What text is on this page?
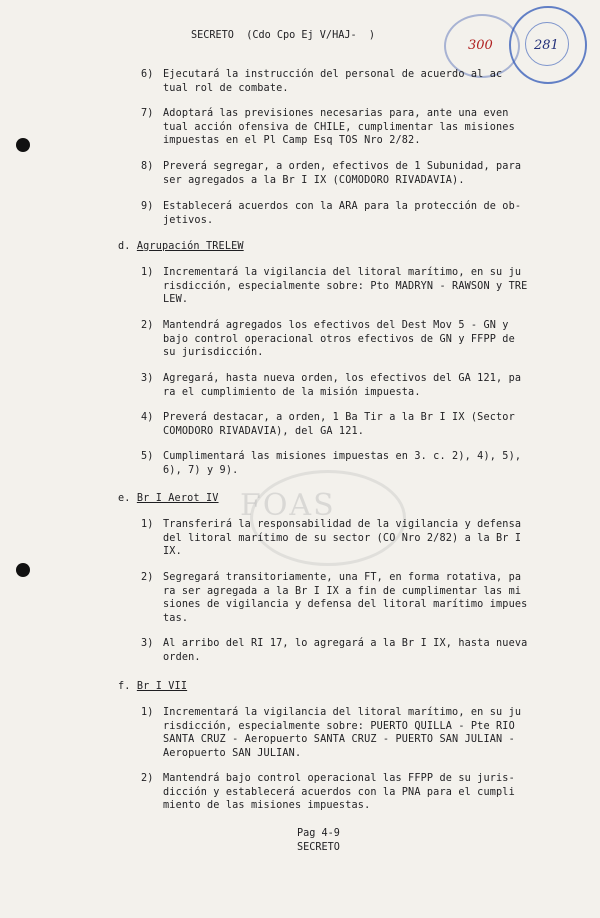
300	281
FOAS
SECRETO  (Cdo Cpo Ej V/HAJ-  )
6) Ejecutará la instrucción del personal de acuerdo al ac
tual rol de combate.
7) Adoptará las previsiones necesarias para, ante una even
tual acción ofensiva de CHILE, cumplimentar las misiones
impuestas en el Pl Camp Esq TOS Nro 2/82.
8) Preverá segregar, a orden, efectivos de 1 Subunidad, para
ser agregados a la Br I IX (COMODORO RIVADAVIA).
9) Establecerá acuerdos con la ARA para la protección de ob-
jetivos.
d. Agrupación TRELEW
1) Incrementará la vigilancia del litoral marítimo, en su ju
risdicción, especialmente sobre: Pto MADRYN - RAWSON y TRE
LEW.
2) Mantendrá agregados los efectivos del Dest Mov 5 - GN y
bajo control operacional otros efectivos de GN y FFPP de
su jurisdicción.
3) Agregará, hasta nueva orden, los efectivos del GA 121, pa
ra el cumplimiento de la misión impuesta.
4) Preverá destacar, a orden, 1 Ba Tir a la Br I IX (Sector
COMODORO RIVADAVIA), del GA 121.
5) Cumplimentará las misiones impuestas en 3. c. 2), 4), 5),
6), 7) y 9).
e. Br I Aerot IV
1) Transferirá la responsabilidad de la vigilancia y defensa
del litoral marítimo de su sector (CO Nro 2/82) a la Br I
IX.
2) Segregará transitoriamente, una FT, en forma rotativa, pa
ra ser agregada a la Br I IX a fin de cumplimentar las mi
siones de vigilancia y defensa del litoral marítimo impues
tas.
3) Al arribo del RI 17, lo agregará a la Br I IX, hasta nueva
orden.
f. Br I VII
1) Incrementará la vigilancia del litoral marítimo, en su ju
risdicción, especialmente sobre: PUERTO QUILLA - Pte RIO
SANTA CRUZ - Aeropuerto SANTA CRUZ - PUERTO SAN JULIAN -
Aeropuerto SAN JULIAN.
2) Mantendrá bajo control operacional las FFPP de su juris-
dicción y establecerá acuerdos con la PNA para el cumpli
miento de las misiones impuestas.
Pag 4-9
SECRETO
